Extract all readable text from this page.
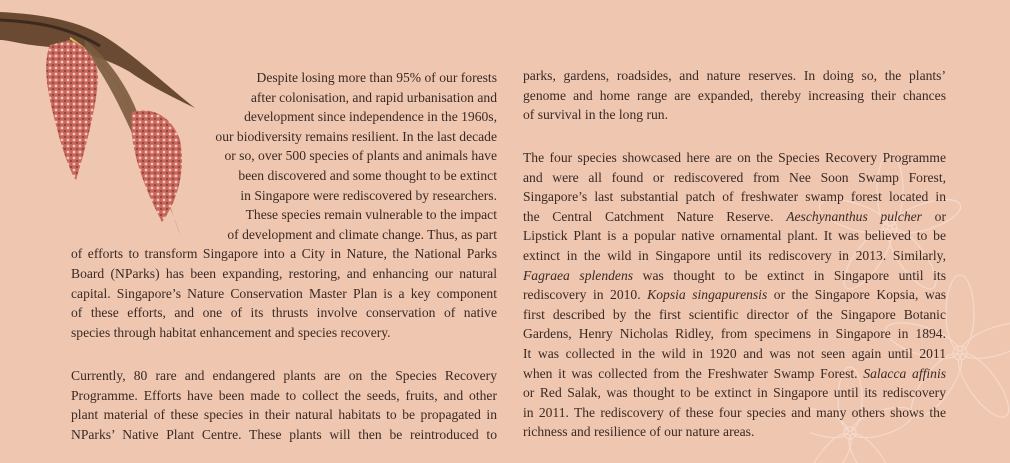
Despite losing more than 95% of our forests
after colonisation, and rapid urbanisation and
development since independence in the 1960s,
our biodiversity remains resilient. In the last decade
or so, over 500 species of plants and animals have
been discovered and some thought to be extinct
in Singapore were rediscovered by researchers.
These species remain vulnerable to the impact
of development and climate change. Thus, as part
of efforts to transform Singapore into a City in Nature, the National Parks
Board (NParks) has been expanding, restoring, and enhancing our natural
capital. Singapore’s Nature Conservation Master Plan is a key component
of these efforts, and one of its thrusts involve conservation of native
species through habitat enhancement and species recovery.
Currently, 80 rare and endangered plants are on the Species Recovery
Programme. Efforts have been made to collect the seeds, fruits, and other
plant material of these species in their natural habitats to be propagated in
NParks’ Native Plant Centre. These plants will then be reintroduced to
parks, gardens, roadsides, and nature reserves. In doing so, the plants’
genome and home range are expanded, thereby increasing their chances
of survival in the long run.
The four species showcased here are on the Species Recovery Programme
and were all found or rediscovered from Nee Soon Swamp Forest,
Singapore’s last substantial patch of freshwater swamp forest located in
the Central Catchment Nature Reserve. Aeschynanthus pulcher or
Lipstick Plant is a popular native ornamental plant. It was believed to be
extinct in the wild in Singapore until its rediscovery in 2013. Similarly,
Fagraea splendens was thought to be extinct in Singapore until its
rediscovery in 2010. Kopsia singapurensis or the Singapore Kopsia, was
first described by the first scientific director of the Singapore Botanic
Gardens, Henry Nicholas Ridley, from specimens in Singapore in 1894.
It was collected in the wild in 1920 and was not seen again until 2011
when it was collected from the Freshwater Swamp Forest. Salacca affinis
or Red Salak, was thought to be extinct in Singapore until its rediscovery
in 2011. The rediscovery of these four species and many others shows the
richness and resilience of our nature areas.
